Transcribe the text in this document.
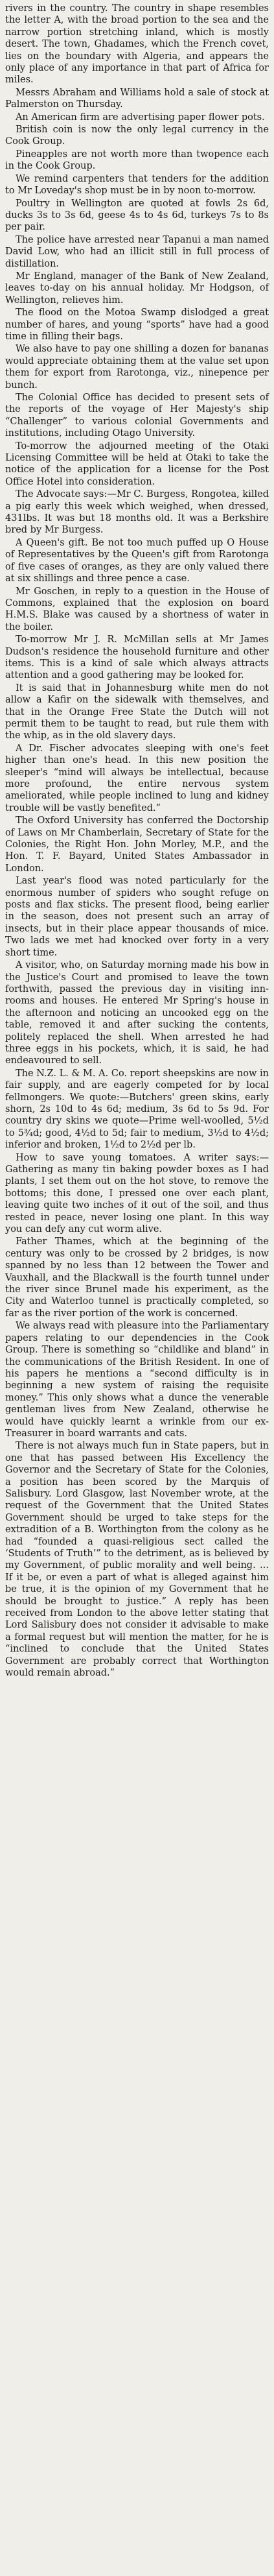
rivers in the country. The country in shape resembles the letter A, with the broad portion to the sea and the narrow portion stretching inland, which is mostly desert. The town, Ghadames, which the French covet, lies on the boundary with Algeria, and appears the only place of any importance in that part of Africa for miles.

Messrs Abraham and Williams hold a sale of stock at Palmerston on Thursday.

An American firm are advertising paper flower pots.

British coin is now the only legal currency in the Cook Group.

Pineapples are not worth more than twopence each in the Cook Group.

We remind carpenters that tenders for the addition to Mr Loveday's shop must be in by noon to-morrow.

Poultry in Wellington are quoted at fowls 2s 6d, ducks 3s to 3s 6d, geese 4s to 4s 6d, turkeys 7s to 8s per pair.

The police have arrested near Tapanui a man named David Low, who had an illicit still in full process of distillation.

Mr England, manager of the Bank of New Zealand, leaves to-day on his annual holiday. Mr Hodgson, of Wellington, relieves him.

The flood on the Motoa Swamp dislodged a great number of hares, and young “sports” have had a good time in filling their bags.

We also have to pay one shilling a dozen for bananas would appreciate obtaining them at the value set upon them for export from Rarotonga, viz., ninepence per bunch.

The Colonial Office has decided to present sets of the reports of the voyage of Her Majesty's ship “Challenger” to various colonial Governments and institutions, including Otago University.

To-morrow the adjourned meeting of the Otaki Licensing Committee will be held at Otaki to take the notice of the application for a license for the Post Office Hotel into consideration.

The Advocate says:—Mr C. Burgess, Rongotea, killed a pig early this week which weighed, when dressed, 431lbs. It was but 18 months old. It was a Berkshire bred by Mr Burgess.

A Queen's gift. Be not too much puffed up O House of Representatives by the Queen's gift from Rarotonga of five cases of oranges, as they are only valued there at six shillings and three pence a case.

Mr Goschen, in reply to a question in the House of Commons, explained that the explosion on board H.M.S. Blake was caused by a shortness of water in the boiler.

To-morrow Mr J. R. McMillan sells at Mr James Dudson's residence the household furniture and other items. This is a kind of sale which always attracts attention and a good gathering may be looked for.

It is said that in Johannesburg white men do not allow a Kafir on the sidewalk with themselves, and that in the Orange Free State the Dutch will not permit them to be taught to read, but rule them with the whip, as in the old slavery days.

A Dr. Fischer advocates sleeping with one's feet higher than one's head. In this new position the sleeper's “mind will always be intellectual, because more profound, the entire nervous system ameliorated, while people inclined to lung and kidney trouble will be vastly benefited.”

The Oxford University has conferred the Doctorship of Laws on Mr Chamberlain, Secretary of State for the Colonies, the Right Hon. John Morley, M.P., and the Hon. T. F. Bayard, United States Ambassador in London.

Last year's flood was noted particularly for the enormous number of spiders who sought refuge on posts and flax sticks. The present flood, being earlier in the season, does not present such an array of insects, but in their place appear thousands of mice. Two lads we met had knocked over forty in a very short time.

A visitor, who, on Saturday morning made his bow in the Justice's Court and promised to leave the town forthwith, passed the previous day in visiting inn-rooms and houses. He entered Mr Spring's house in the afternoon and noticing an uncooked egg on the table, removed it and after sucking the contents, politely replaced the shell. When arrested he had three eggs in his pockets, which, it is said, he had endeavoured to sell.

The N.Z. L. & M. A. Co. report sheepskins are now in fair supply, and are eagerly competed for by local fellmongers. We quote:—Butchers' green skins, early shorn, 2s 10d to 4s 6d; medium, 3s 6d to 5s 9d. For country dry skins we quote—Prime well-woolled, 5½d to 5¾d; good, 4½d to 5d; fair to medium, 3½d to 4½d; inferior and broken, 1½d to 2½d per lb.

How to save young tomatoes. A writer says:—Gathering as many tin baking powder boxes as I had plants, I set them out on the hot stove, to remove the bottoms; this done, I pressed one over each plant, leaving quite two inches of it out of the soil, and thus rested in peace, never losing one plant. In this way you can defy any cut worm alive.

Father Thames, which at the beginning of the century was only to be crossed by 2 bridges, is now spanned by no less than 12 between the Tower and Vauxhall, and the Blackwall is the fourth tunnel under the river since Brunel made his experiment, as the City and Waterloo tunnel is practically completed, so far as the river portion of the work is concerned.

We always read with pleasure into the Parliamentary papers relating to our dependencies in the Cook Group. There is something so “childlike and bland” in the communications of the British Resident. In one of his papers he mentions a “second difficulty is in beginning a new system of raising the requisite money.” This only shows what a dunce the venerable gentleman lives from New Zealand, otherwise he would have quickly learnt a wrinkle from our ex-Treasurer in board warrants and cats.

There is not always much fun in State papers, but in one that has passed between His Excellency the Governor and the Secretary of State for the Colonies, a position has been scored by the Marquis of Salisbury. Lord Glasgow, last November wrote, at the request of the Government that the United States Government should be urged to take steps for the extradition of a B. Worthington from the colony as he had “founded a quasi-religious sect called the ‘Students of Truth’” to the detriment, as is believed by my Government, of public morality and well being. ... If it be, or even a part of what is alleged against him be true, it is the opinion of my Government that he should be brought to justice.” A reply has been received from London to the above letter stating that Lord Salisbury does not consider it advisable to make a formal request but will mention the matter, for he is “inclined to conclude that the United States Government are probably correct that Worthington would remain abroad.”
